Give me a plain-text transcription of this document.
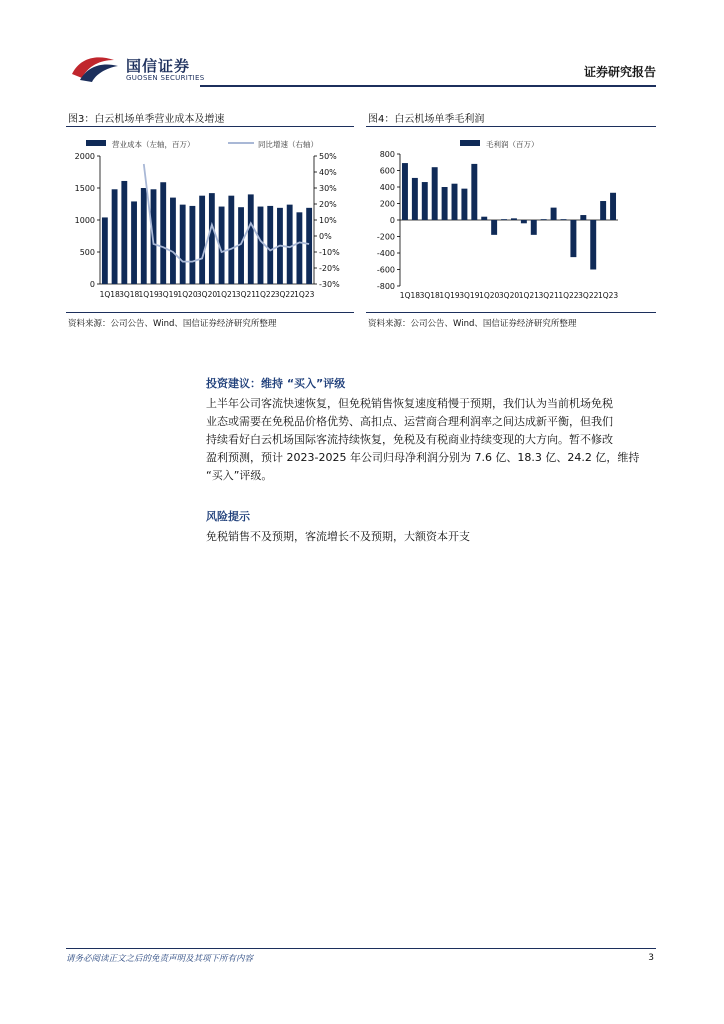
国信证券
GUOSEN SECURITIES	证券研究报告
图3：白云机场单季营业成本及增速
营业成本（左轴，百万）	同比增速（右轴）
0
500
1000
1500
2000	50%
40%
30%
20%
10%
0%
-10%
-20%
-30%
1Q18 3Q18 1Q19 3Q19 1Q20 3Q20 1Q21 3Q21 1Q22 3Q22 1Q23
资料来源：公司公告、Wind、国信证券经济研究所整理
图4：白云机场单季毛利润
毛利润（百万）
800
600
400
200
0
-200
-400
-600
-800
1Q18 3Q18 1Q19 3Q19 1Q20 3Q20 1Q21 3Q21 1Q22 3Q22 1Q23
资料来源：公司公告、Wind、国信证券经济研究所整理
投资建议：维持 “买入”评级
上半年公司客流快速恢复，但免税销售恢复速度稍慢于预期，我们认为当前机场免税
业态或需要在免税品价格优势、高扣点、运营商合理利润率之间达成新平衡，但我们
持续看好白云机场国际客流持续恢复，免税及有税商业持续变现的大方向。暂不修改
盈利预测，预计 2023-2025 年公司归母净利润分别为 7.6 亿、18.3 亿、24.2 亿，维持
“买入”评级。
风险提示
免税销售不及预期，客流增长不及预期，大额资本开支
请务必阅读正文之后的免责声明及其项下所有内容	3
